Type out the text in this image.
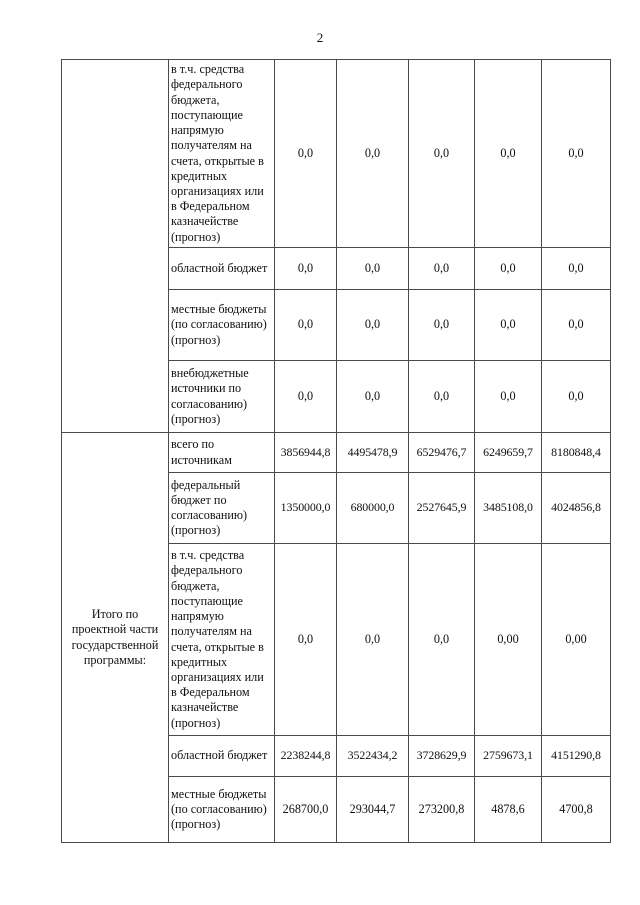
2
	в т.ч. средства федерального бюджета, поступающие напрямую получателям на счета, открытые в кредитных организациях или в Федеральном казначействе (прогноз)	0,0	0,0	0,0	0,0	0,0
	областной бюджет	0,0	0,0	0,0	0,0	0,0
	местные бюджеты (по согласованию) (прогноз)	0,0	0,0	0,0	0,0	0,0
	внебюджетные источники по согласованию) (прогноз)	0,0	0,0	0,0	0,0	0,0
Итого по проектной части государственной программы:	всего по источникам	3856944,8	4495478,9	6529476,7	6249659,7	8180848,4
	федеральный бюджет по согласованию) (прогноз)	1350000,0	680000,0	2527645,9	3485108,0	4024856,8
	в т.ч. средства федерального бюджета, поступающие напрямую получателям на счета, открытые в кредитных организациях или в Федеральном казначействе (прогноз)	0,0	0,0	0,0	0,00	0,00
	областной бюджет	2238244,8	3522434,2	3728629,9	2759673,1	4151290,8
	местные бюджеты (по согласованию) (прогноз)	268700,0	293044,7	273200,8	4878,6	4700,8
